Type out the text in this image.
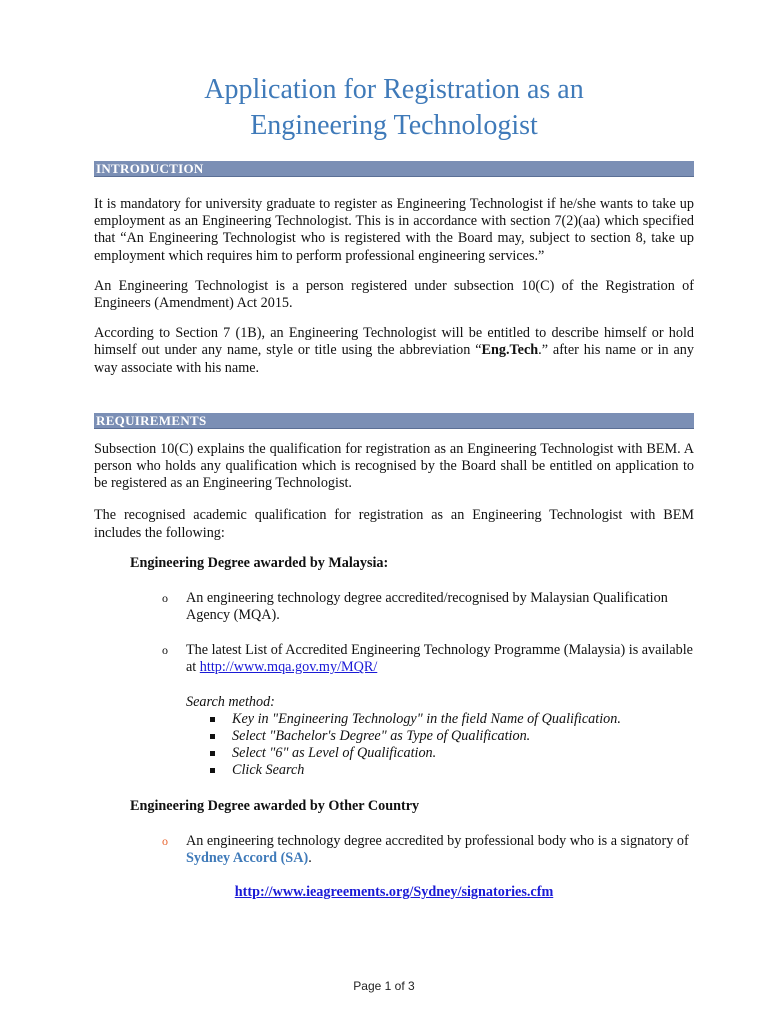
Application for Registration as an
Engineering Technologist
INTRODUCTION

It is mandatory for university graduate to register as Engineering Technologist if he/she wants to take up employment as an Engineering Technologist. This is in accordance with section 7(2)(aa) which specified that “An Engineering Technologist who is registered with the Board may, subject to section 8, take up employment which requires him to perform professional engineering services.”

An Engineering Technologist is a person registered under subsection 10(C) of the Registration of Engineers (Amendment) Act 2015.

According to Section 7 (1B), an Engineering Technologist will be entitled to describe himself or hold himself out under any name, style or title using the abbreviation “Eng.Tech.” after his name or in any way associate with his name.

REQUIREMENTS

Subsection 10(C) explains the qualification for registration as an Engineering Technologist with BEM. A person who holds any qualification which is recognised by the Board shall be entitled on application to be registered as an Engineering Technologist.

The recognised academic qualification for registration as an Engineering Technologist with BEM includes the following:

Engineering Degree awarded by Malaysia:
o An engineering technology degree accredited/recognised by Malaysian Qualification Agency (MQA).
o The latest List of Accredited Engineering Technology Programme (Malaysia) is available at http://www.mqa.gov.my/MQR/
Search method:
Key in "Engineering Technology" in the field Name of Qualification.
Select "Bachelor's Degree" as Type of Qualification.
Select "6" as Level of Qualification.
Click Search
Engineering Degree awarded by Other Country
o An engineering technology degree accredited by professional body who is a signatory of Sydney Accord (SA).
http://www.ieagreements.org/Sydney/signatories.cfm
Page 1 of 3
